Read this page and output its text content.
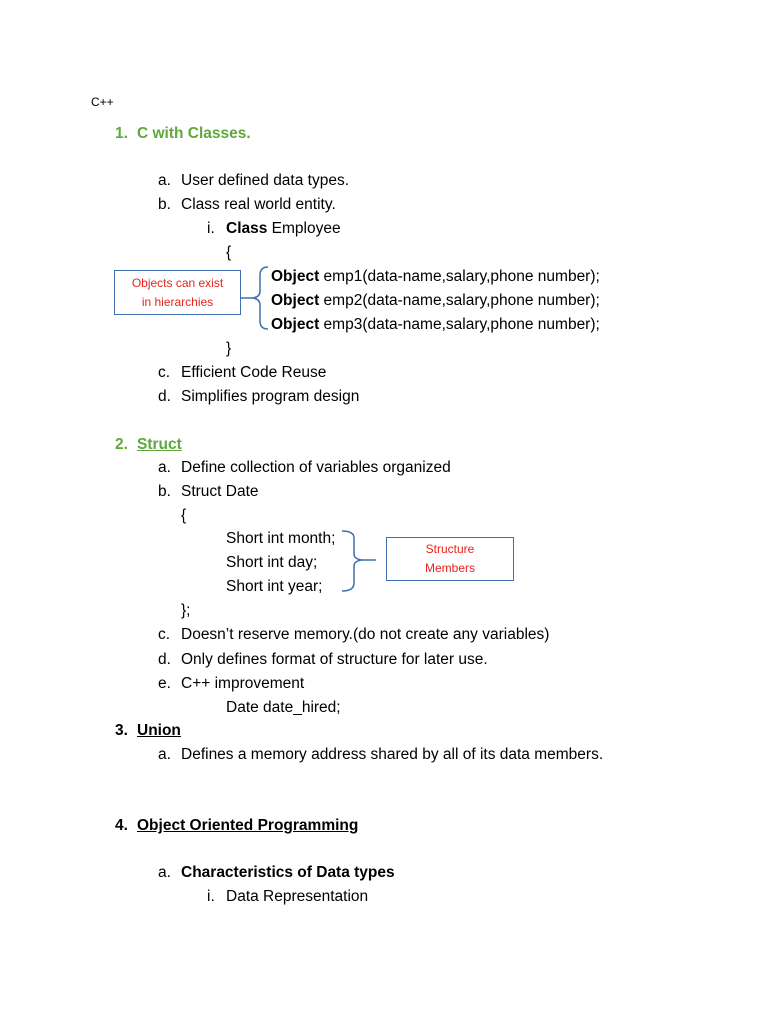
C++
1. C with Classes.
a. User defined data types.
b. Class real world entity.
i. Class Employee
{
Objects can exist
in hierarchies
Object emp1(data-name,salary,phone number);
Object emp2(data-name,salary,phone number);
Object emp3(data-name,salary,phone number);
}
c. Efficient Code Reuse
d. Simplifies program design
2. Struct
a. Define collection of variables organized
b. Struct Date
{
Short int month;
Short int day;
Short int year;
Structure
Members
};
c. Doesn’t reserve memory.(do not create any variables)
d. Only defines format of structure for later use.
e. C++ improvement
Date date_hired;
3. Union
a. Defines a memory address shared by all of its data members.
4. Object Oriented Programming
a. Characteristics of Data types
i. Data Representation
